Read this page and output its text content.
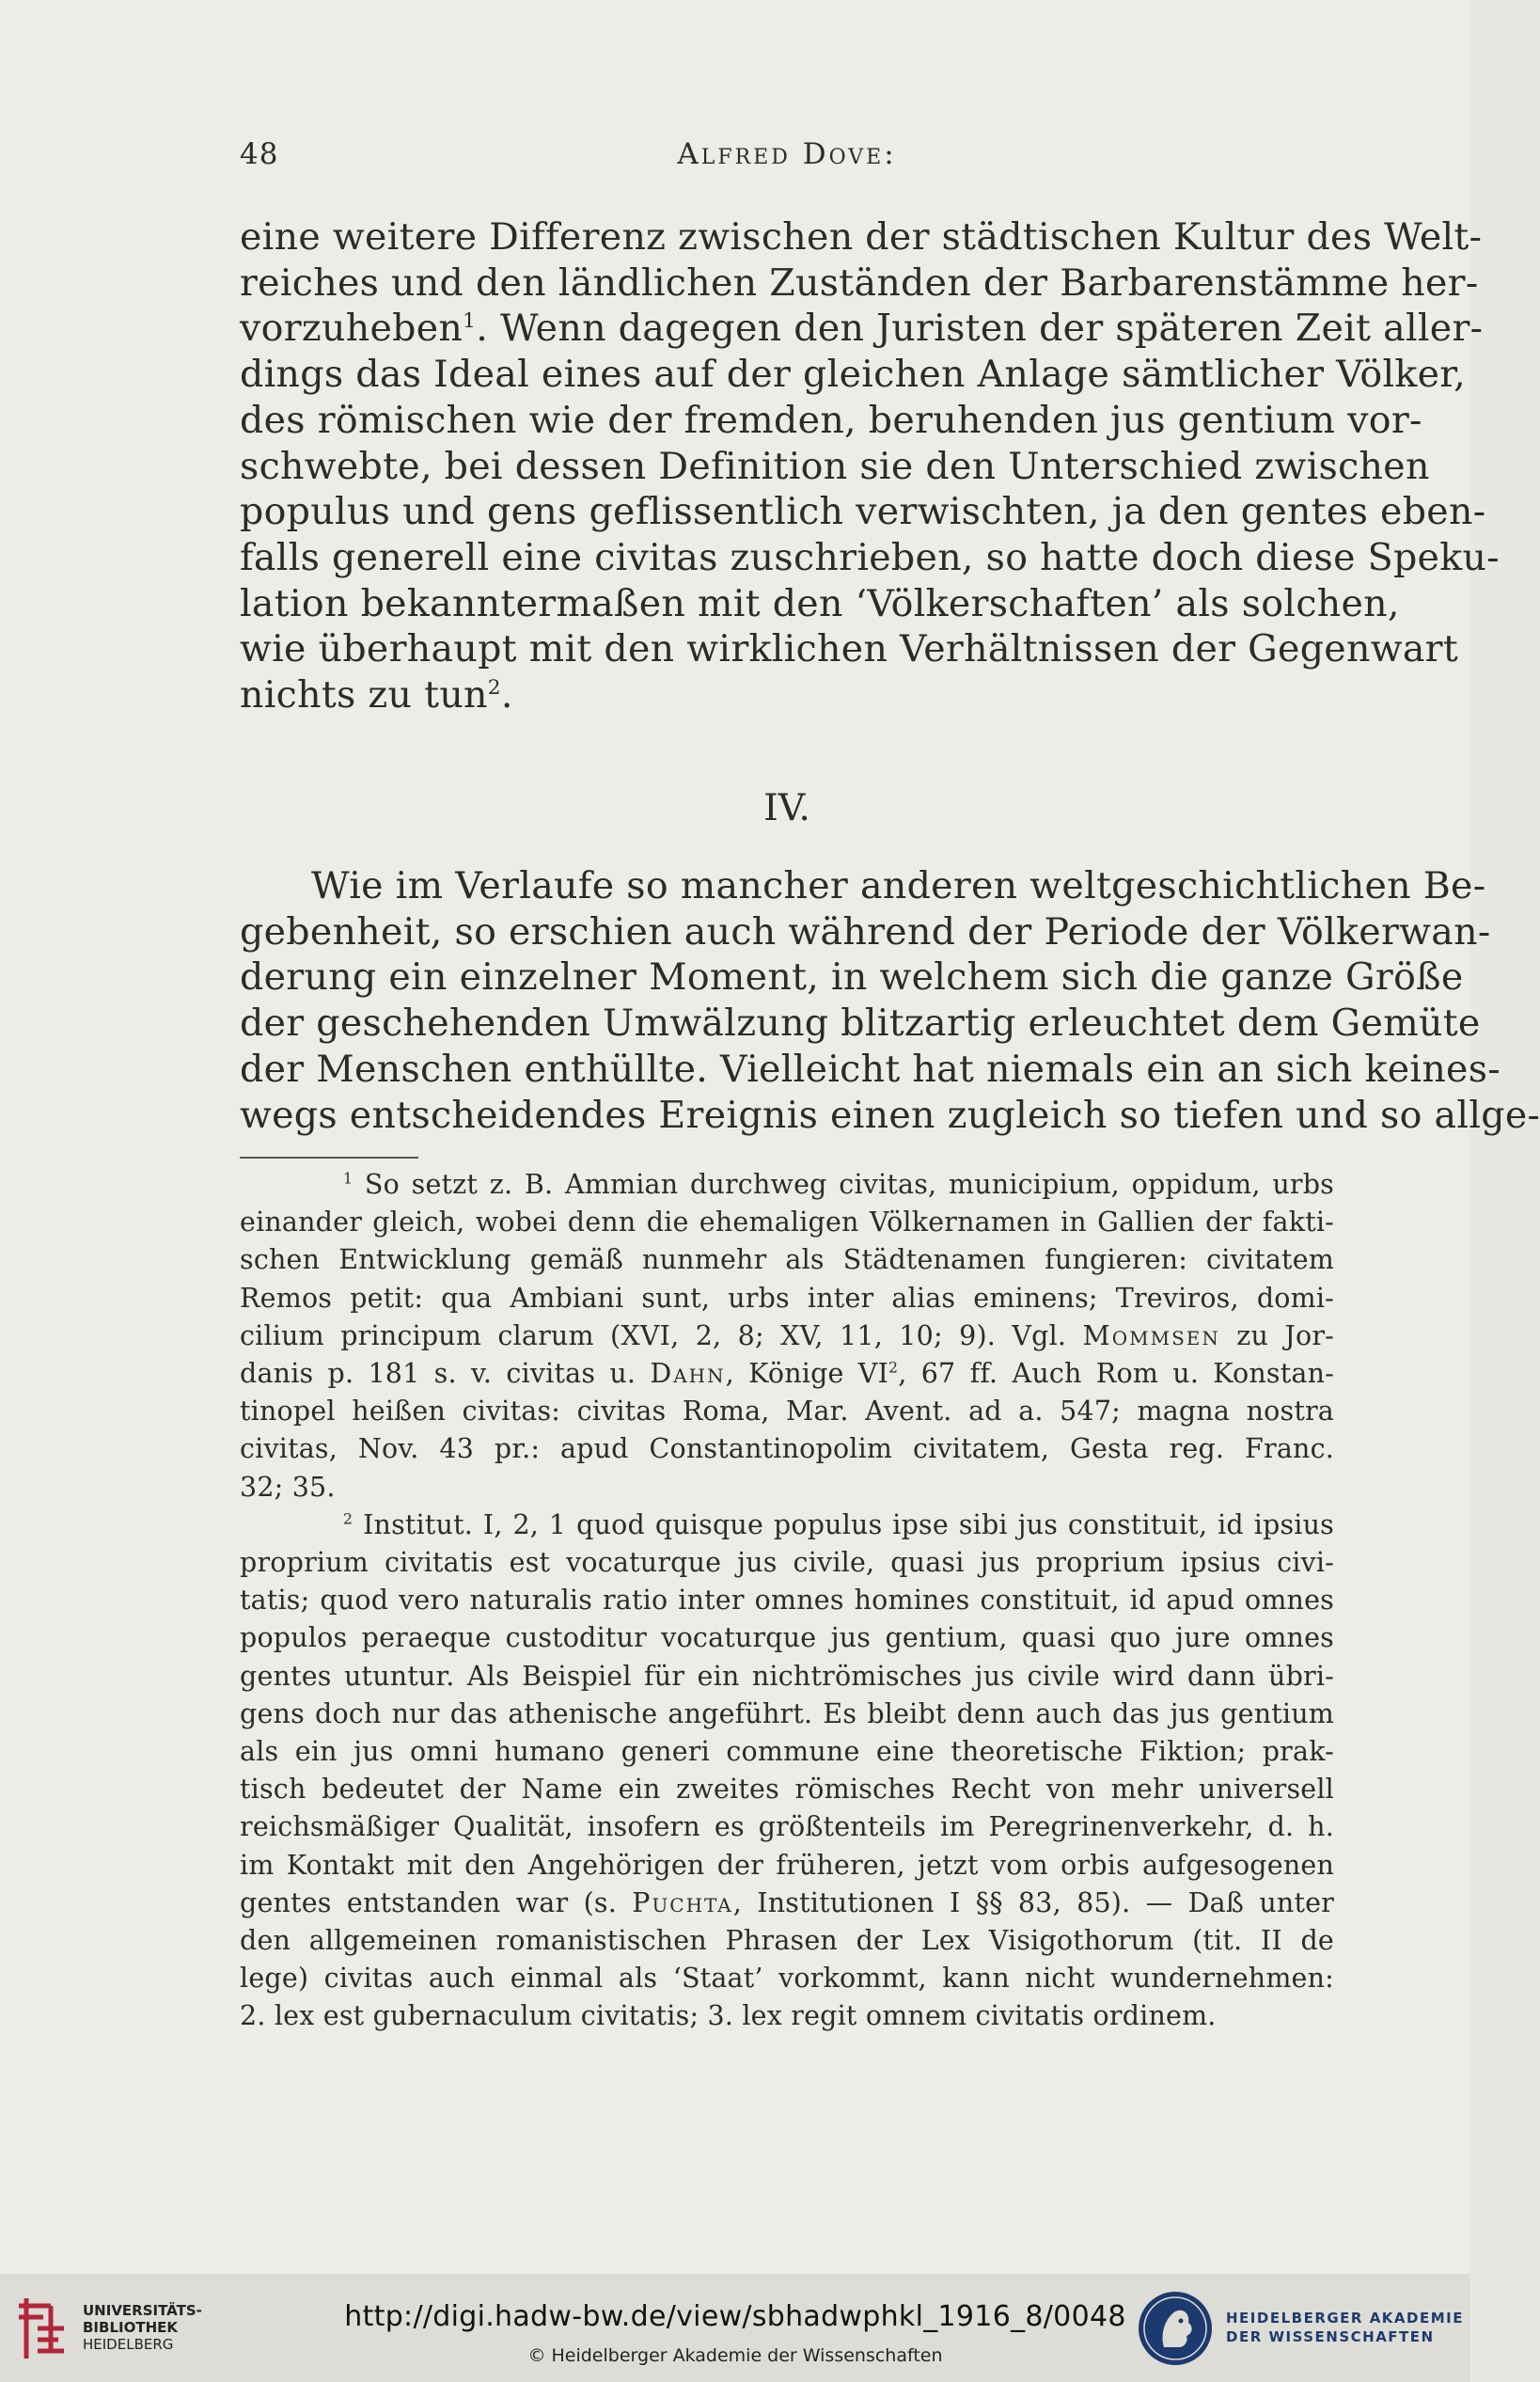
48	Alfred Dove:
eine weitere Differenz zwischen der städtischen Kultur des Welt-
reiches und den ländlichen Zuständen der Barbarenstämme her-
vorzuheben$^1$. Wenn dagegen den Juristen der späteren Zeit aller-
dings das Ideal eines auf der gleichen Anlage sämtlicher Völker,
des römischen wie der fremden, beruhenden jus gentium vor-
schwebte, bei dessen Definition sie den Unterschied zwischen
populus und gens geflissentlich verwischten, ja den gentes eben-
falls generell eine civitas zuschrieben, so hatte doch diese Speku-
lation bekanntermaßen mit den ‘Völkerschaften’ als solchen,
wie überhaupt mit den wirklichen Verhältnissen der Gegenwart
nichts zu tun$^2$.
IV.
Wie im Verlaufe so mancher anderen weltgeschichtlichen Be-
gebenheit, so erschien auch während der Periode der Völkerwan-
derung ein einzelner Moment, in welchem sich die ganze Größe
der geschehenden Umwälzung blitzartig erleuchtet dem Gemüte
der Menschen enthüllte. Vielleicht hat niemals ein an sich keines-
wegs entscheidendes Ereignis einen zugleich so tiefen und so allge-
$^1$ So setzt z. B. Ammian durchweg civitas, municipium, oppidum, urbs
einander gleich, wobei denn die ehemaligen Völkernamen in Gallien der fakti-
schen Entwicklung gemäß nunmehr als Städtenamen fungieren: civitatem
Remos petit: qua Ambiani sunt, urbs inter alias eminens; Treviros, domi-
cilium principum clarum (XVI, 2, 8; XV, 11, 10; 9). Vgl. Mommsen zu Jor-
danis p. 181 s. v. civitas u. Dahn, Könige $VI^2$, 67 ff. Auch Rom u. Konstan-
tinopel heißen civitas: civitas Roma, Mar. Avent. ad a. 547; magna nostra
civitas, Nov. 43 pr.: apud Constantinopolim civitatem, Gesta reg. Franc.
32; 35.
$^2$ Institut. I, 2, 1 quod quisque populus ipse sibi jus constituit, id ipsius
proprium civitatis est vocaturque jus civile, quasi jus proprium ipsius civi-
tatis; quod vero naturalis ratio inter omnes homines constituit, id apud omnes
populos peraeque custoditur vocaturque jus gentium, quasi quo jure omnes
gentes utuntur. Als Beispiel für ein nichtrömisches jus civile wird dann übri-
gens doch nur das athenische angeführt. Es bleibt denn auch das jus gentium
als ein jus omni humano generi commune eine theoretische Fiktion; prak-
tisch bedeutet der Name ein zweites römisches Recht von mehr universell
reichsmäßiger Qualität, insofern es größtenteils im Peregrinenverkehr, d. h.
im Kontakt mit den Angehörigen der früheren, jetzt vom orbis aufgesogenen
gentes entstanden war (s. Puchta, Institutionen I §§ 83, 85). — Daß unter
den allgemeinen romanistischen Phrasen der Lex Visigothorum (tit. II de
lege) civitas auch einmal als ‘Staat’ vorkommt, kann nicht wundernehmen:
2. lex est gubernaculum civitatis; 3. lex regit omnem civitatis ordinem.
UNIVERSITÄTS-
BIBLIOTHEK
HEIDELBERG
http://digi.hadw-bw.de/view/sbhadwphkl_1916_8/0048
© Heidelberger Akademie der Wissenschaften
HEIDELBERGER AKADEMIE
DER WISSENSCHAFTEN
